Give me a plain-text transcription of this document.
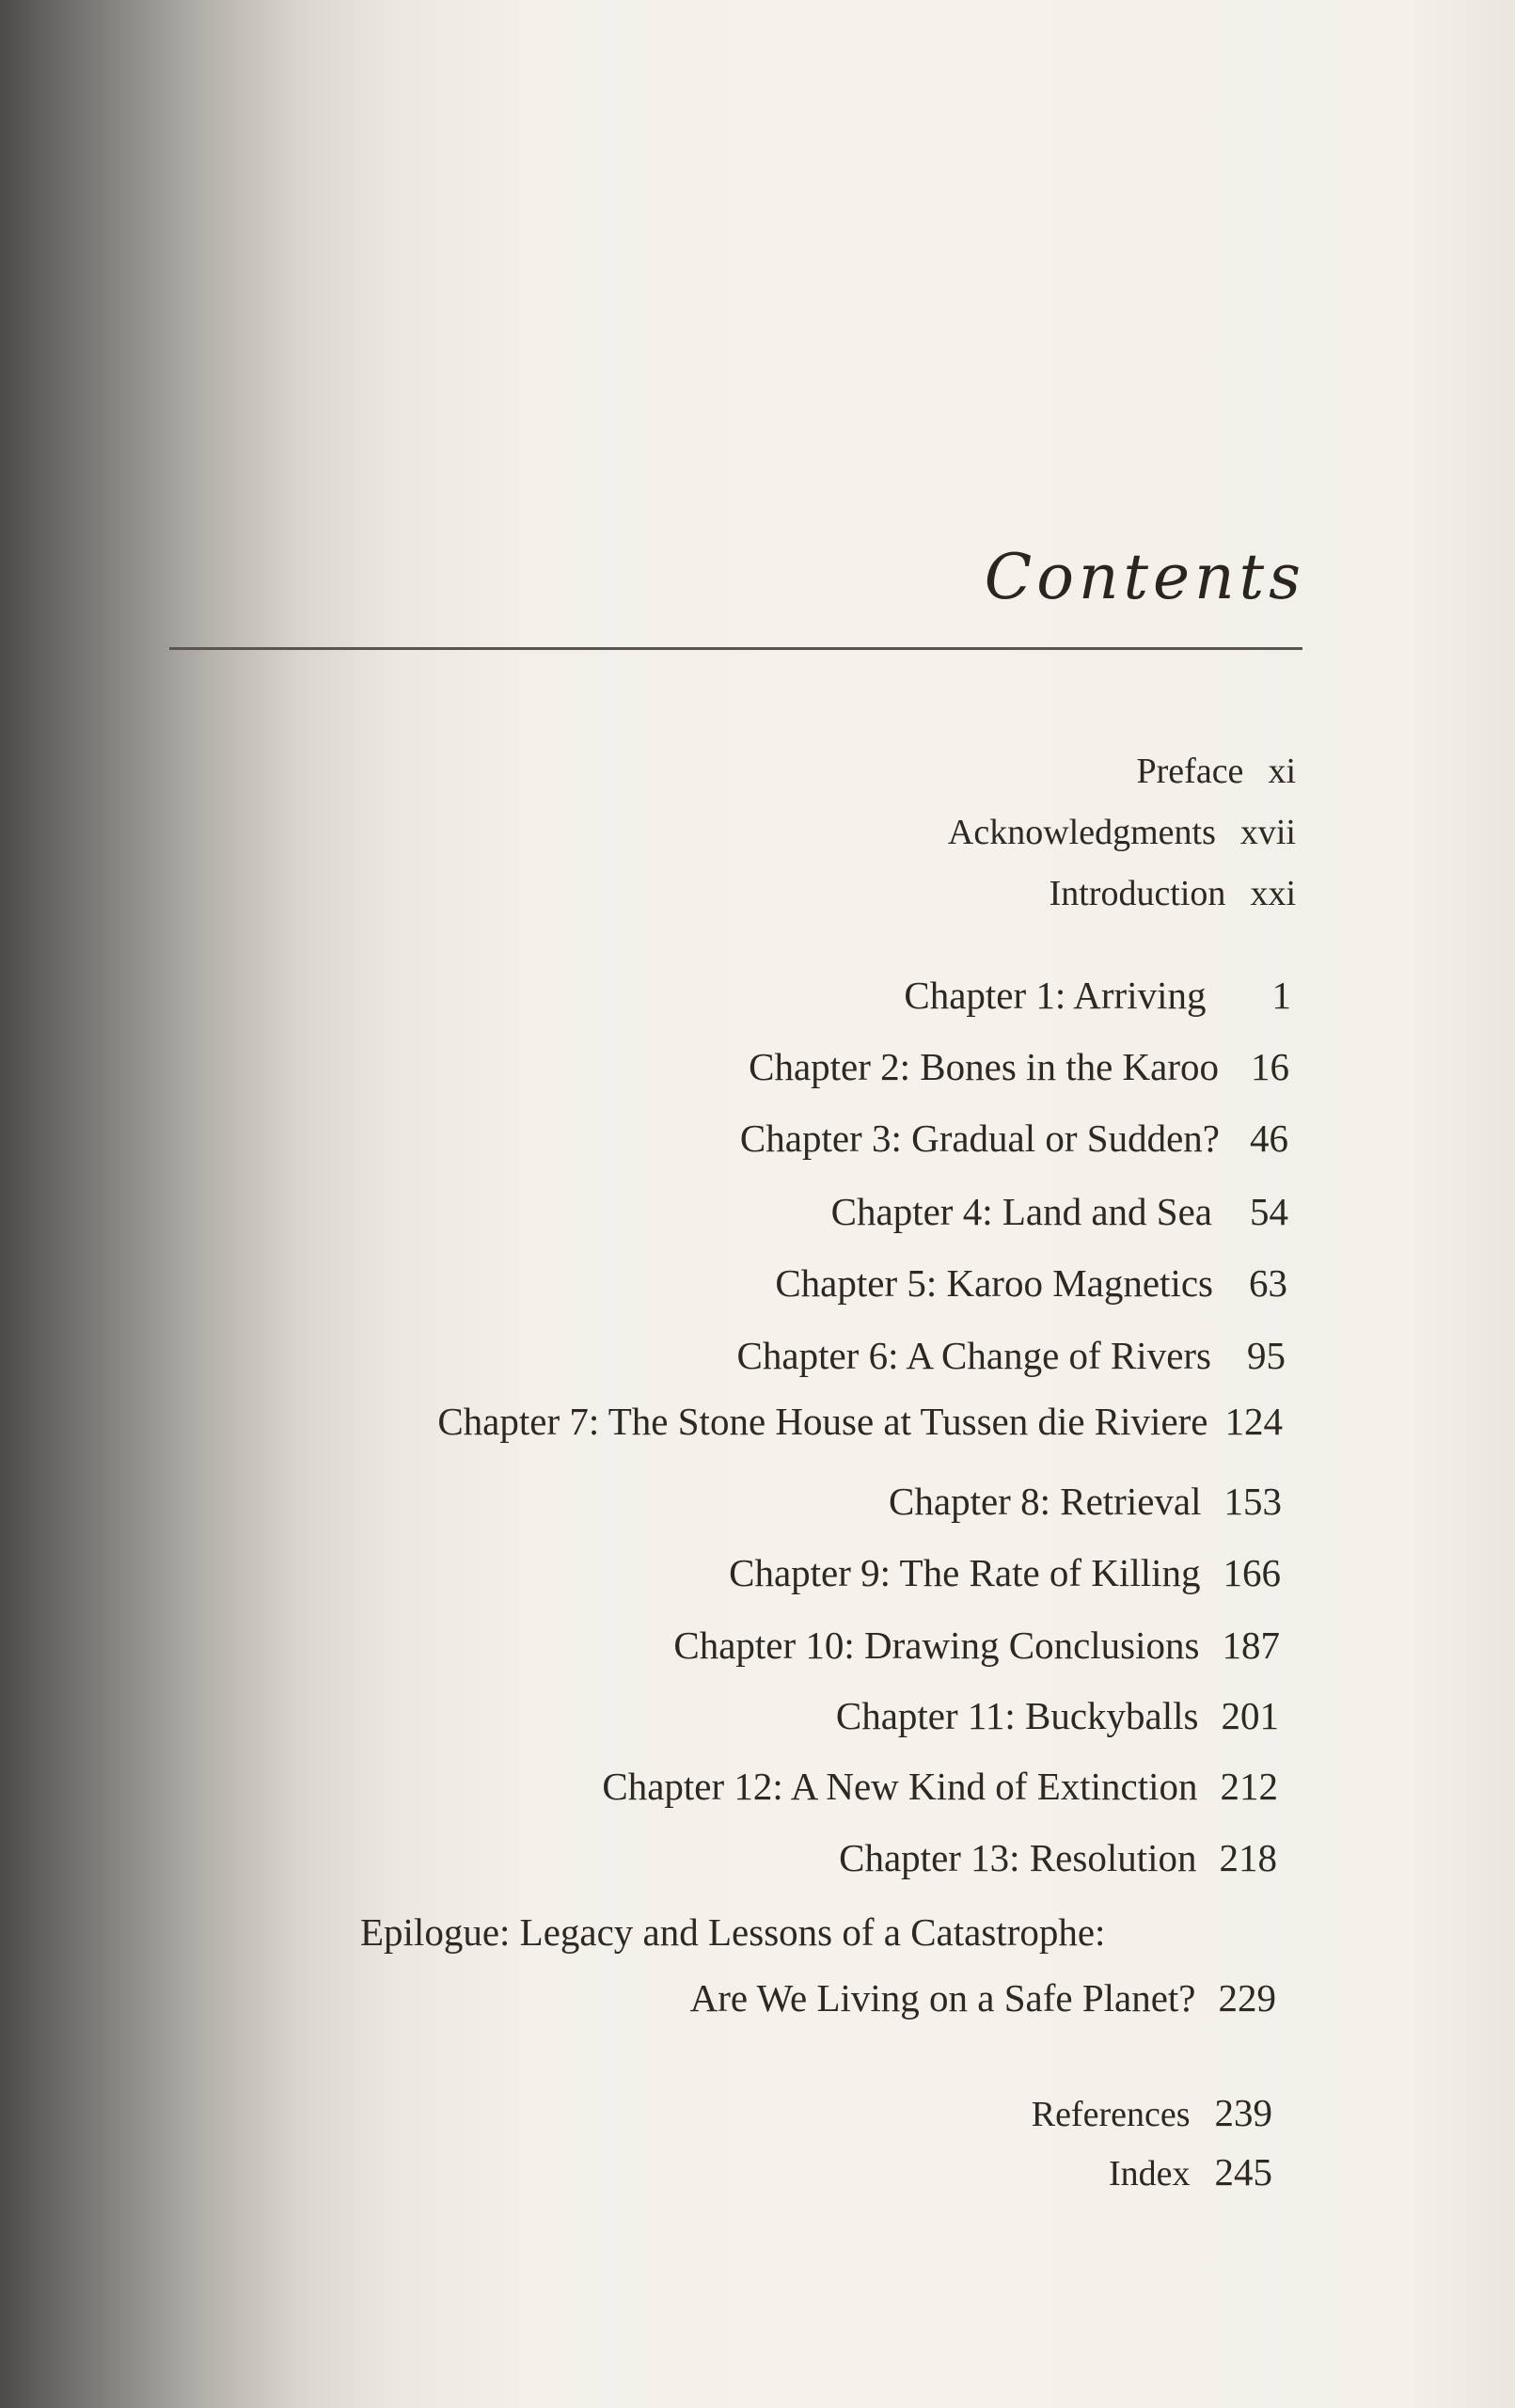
Contents
Preface xi
Acknowledgments xvii
Introduction xxi
Chapter 1: Arriving 1
Chapter 2: Bones in the Karoo 16
Chapter 3: Gradual or Sudden? 46
Chapter 4: Land and Sea 54
Chapter 5: Karoo Magnetics 63
Chapter 6: A Change of Rivers 95
Chapter 7: The Stone House at Tussen die Riviere 124
Chapter 8: Retrieval 153
Chapter 9: The Rate of Killing 166
Chapter 10: Drawing Conclusions 187
Chapter 11: Buckyballs 201
Chapter 12: A New Kind of Extinction 212
Chapter 13: Resolution 218
Epilogue: Legacy and Lessons of a Catastrophe:
Are We Living on a Safe Planet? 229
References 239
Index 245
